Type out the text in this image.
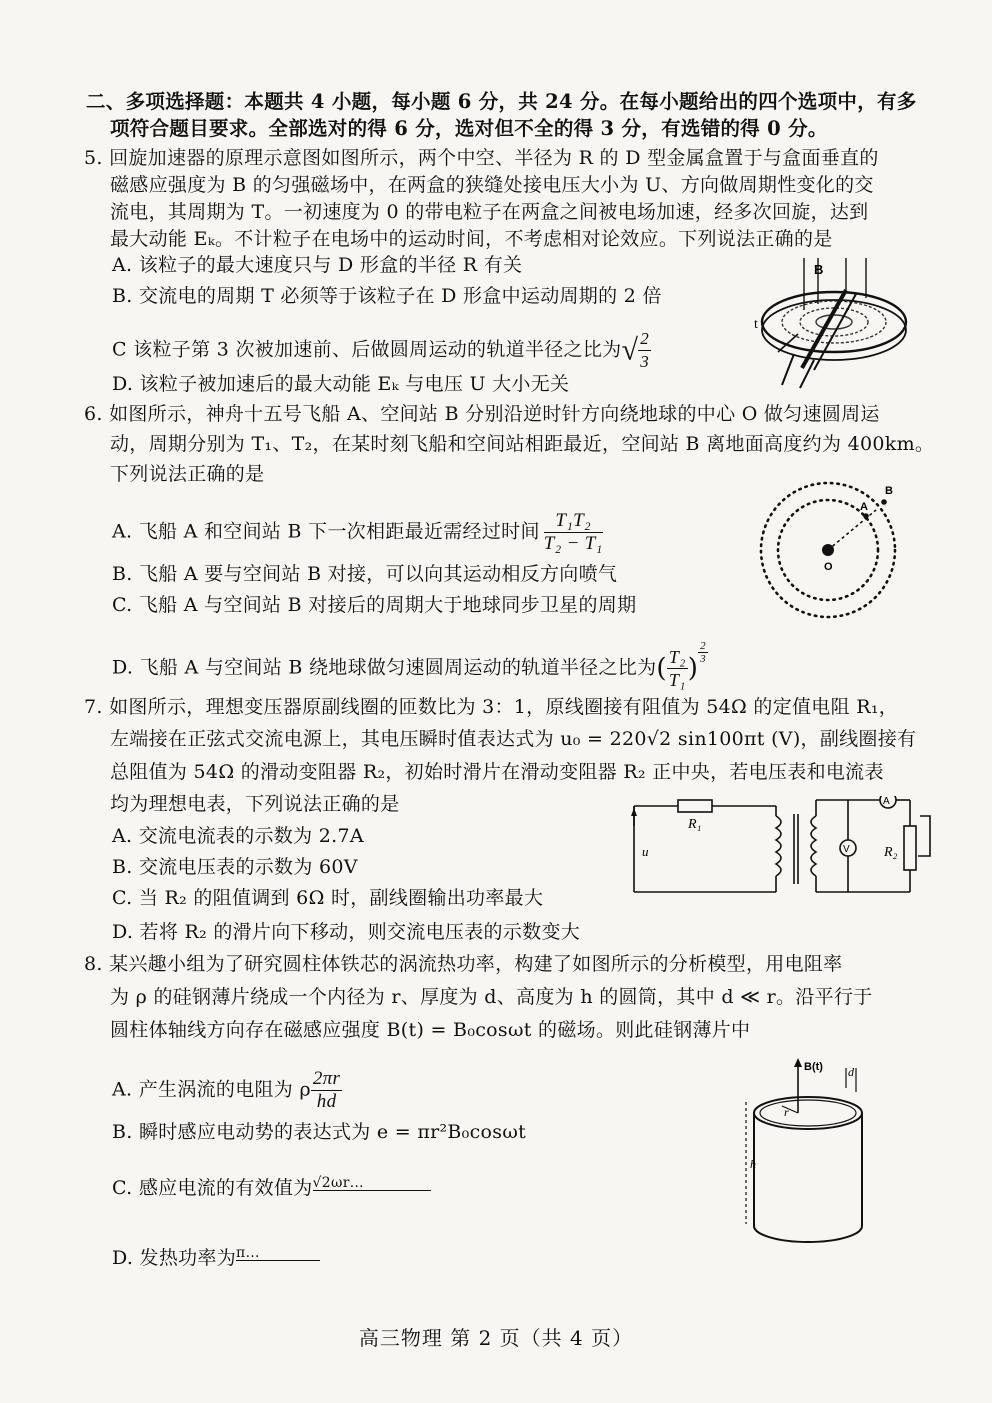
二、多项选择题：本题共 4 小题，每小题 6 分，共 24 分。在每小题给出的四个选项中，有多
项符合题目要求。全部选对的得 6 分，选对但不全的得 3 分，有选错的得 0 分。
5. 回旋加速器的原理示意图如图所示，两个中空、半径为 R 的 D 型金属盒置于与盒面垂直的
磁感应强度为 B 的匀强磁场中，在两盒的狭缝处接电压大小为 U、方向做周期性变化的交
流电，其周期为 T。一初速度为 0 的带电粒子在两盒之间被电场加速，经多次回旋，达到
最大动能 Eₖ。不计粒子在电场中的运动时间，不考虑相对论效应。下列说法正确的是
A. 该粒子的最大速度只与 D 形盒的半径 R 有关
B. 交流电的周期 T 必须等于该粒子在 D 形盒中运动周期的 2 倍
C 该粒子第 3 次被加速前、后做圆周运动的轨道半径之比为√ $\frac{2}{3}$
D. 该粒子被加速后的最大动能 Eₖ 与电压 U 大小无关
t
B
6. 如图所示，神舟十五号飞船 A、空间站 B 分别沿逆时针方向绕地球的中心 O 做匀速圆周运
动，周期分别为 T₁、T₂，在某时刻飞船和空间站相距最近，空间站 B 离地面高度约为 400km。
下列说法正确的是
A. 飞船 A 和空间站 B 下一次相距最近需经过时间 $\frac{\text{T₁T₂}}{\text{T₂ − T₁}}$
B. 飞船 A 要与空间站 B 对接，可以向其运动相反方向喷气
C. 飞船 A 与空间站 B 对接后的周期大于地球同步卫星的周期
D. 飞船 A 与空间站 B 绕地球做匀速圆周运动的轨道半径之比为( $\frac{\text{T₂}}{\text{T₁}}$ )
$\frac{2}{3}$
A
B
O
7. 如图所示，理想变压器原副线圈的匝数比为 3：1，原线圈接有阻值为 54Ω 的定值电阻 R₁，
左端接在正弦式交流电源上，其电压瞬时值表达式为 u₀ = 220√2 sin100πt (V)，副线圈接有
总阻值为 54Ω 的滑动变阻器 R₂，初始时滑片在滑动变阻器 R₂ 正中央，若电压表和电流表
均为理想电表，下列说法正确的是
A. 交流电流表的示数为 2.7A
B. 交流电压表的示数为 60V
C. 当 R₂ 的阻值调到 6Ω 时，副线圈输出功率最大
D. 若将 R₂ 的滑片向下移动，则交流电压表的示数变大
R₁
u
A
V R₂
8. 某兴趣小组为了研究圆柱体铁芯的涡流热功率，构建了如图所示的分析模型，用电阻率
为 ρ 的硅钢薄片绕成一个内径为 r、厚度为 d、高度为 h 的圆筒，其中 d ≪ r。沿平行于
圆柱体轴线方向存在磁感应强度 B(t) = B₀cosωt 的磁场。则此硅钢薄片中
A. 产生涡流的电阻为 ρ $\frac{2\pi r}{hd}$
B. 瞬时感应电动势的表达式为 e = πr²B₀cosωt
C. 感应电流的有效值为√2ωr…
D. 发热功率为π…
B(t) d
r
h
高三物理 第 2 页（共 4 页）
